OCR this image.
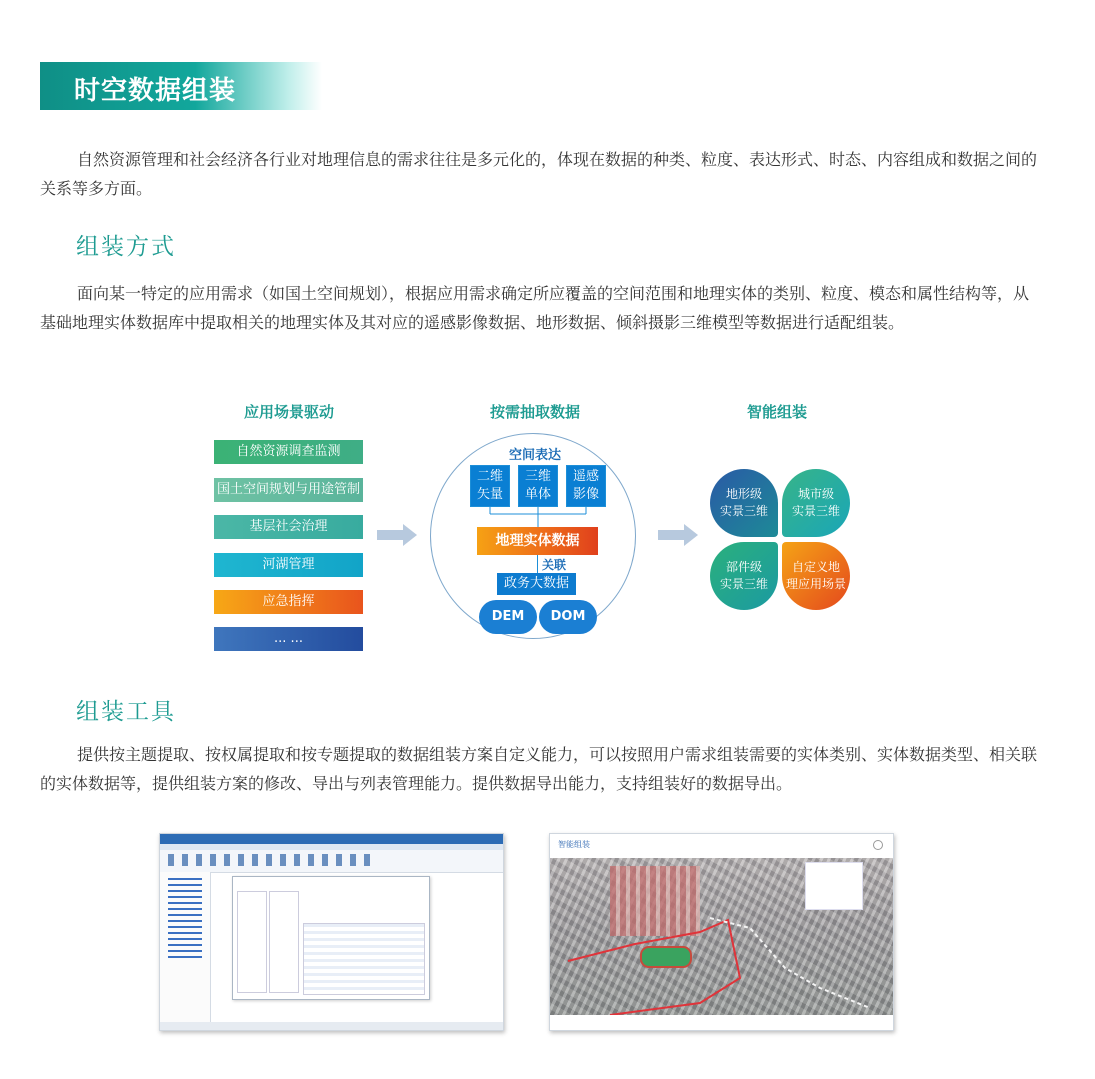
时空数据组装

自然资源管理和社会经济各行业对地理信息的需求往往是多元化的，体现在数据的种类、粒度、表达形式、时态、内容组成和数据之间的关系等多方面。

组装方式

面向某一特定的应用需求（如国土空间规划），根据应用需求确定所应覆盖的空间范围和地理实体的类别、粒度、模态和属性结构等，从基础地理实体数据库中提取相关的地理实体及其对应的遥感影像数据、地形数据、倾斜摄影三维模型等数据进行适配组装。

应用场景驱动	按需抽取数据	智能组装
自然资源调查监测
国土空间规划与用途管制
基层社会治理
河湖管理
应急指挥
... ...
空间表达
二维
矢量
三维
单体
遥感
影像
地理实体数据
关联
政务大数据
DEM	DOM
地形级
实景三维
城市级
实景三维
部件级
实景三维
自定义地
理应用场景
组装工具

提供按主题提取、按权属提取和按专题提取的数据组装方案自定义能力，可以按照用户需求组装需要的实体类别、实体数据类型、相关联的实体数据等，提供组装方案的修改、导出与列表管理能力。提供数据导出能力，支持组装好的数据导出。

智能组装
